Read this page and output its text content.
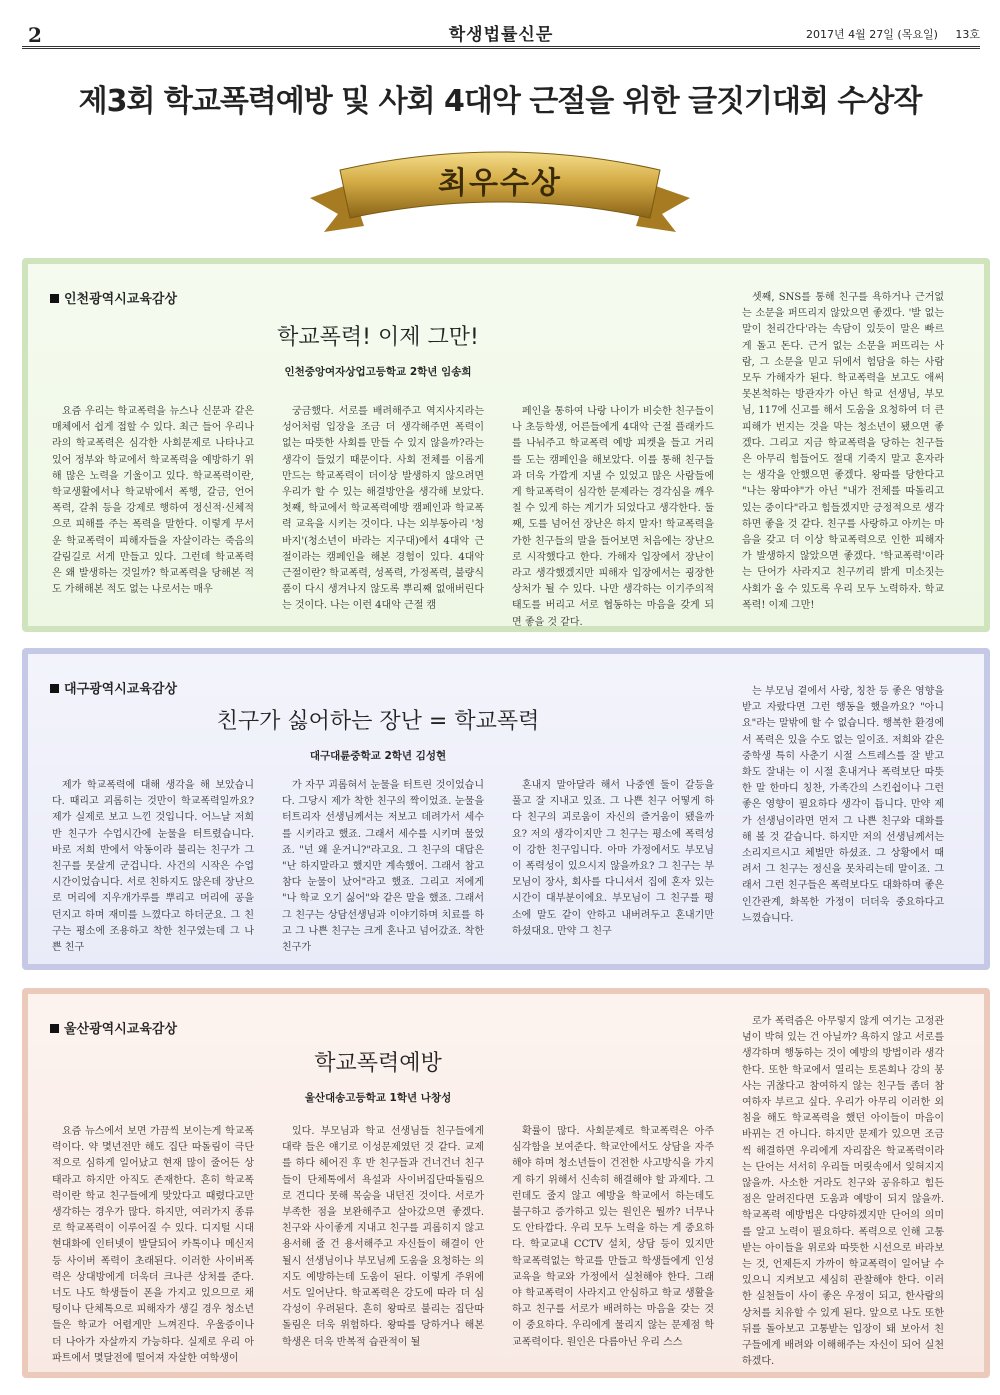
2	학생법률신문	2017년 4월 27일 (목요일) 13호
제3회 학교폭력예방 및 사회 4대악 근절을 위한 글짓기대회 수상작
최우수상
인천광역시교육감상
학교폭력! 이제 그만!
인천중앙여자상업고등학교 2학년 임송희

요즘 우리는 학교폭력을 뉴스나 신문과 같은 매체에서 쉽게 접할 수 있다. 최근 들어 우리나라의 학교폭력은 심각한 사회문제로 나타나고 있어 정부와 학교에서 학교폭력을 예방하기 위해 많은 노력을 기울이고 있다. 학교폭력이란, 학교생활에서나 학교밖에서 폭행, 갈금, 언어폭력, 갈취 등을 강제로 행하여 정신적·신체적으로 피해를 주는 폭력을 말한다. 이렇게 무서운 학교폭력이 피해자들을 자살이라는 죽음의 갈림길로 서게 만들고 있다. 그런데 학교폭력은 왜 발생하는 것일까? 학교폭력을 당해본 적도 가해해본 적도 없는 나로서는 매우

궁금했다. 서로를 배려해주고 역지사지라는 성어처럼 입장을 조금 더 생각해주면 폭력이 없는 따뜻한 사회를 만들 수 있지 않을까?라는 생각이 들었기 때문이다. 사회 전체를 이롭게 만드는 학교폭력이 더이상 발생하지 않으려면 우리가 할 수 있는 해결방안을 생각해 보았다. 첫째, 학교에서 학교폭력예방 캠페인과 학교폭력 교육을 시키는 것이다. 나는 외부동아리 '청바지'(청소년이 바라는 지구대)에서 4대악 근절이라는 캠페인을 해본 경험이 있다. 4대악 근절이란? 학교폭력, 성폭력, 가정폭력, 불량식품이 다시 생겨나지 않도록 뿌리째 없애버린다는 것이다. 나는 이런 4대악 근절 캠

페인을 통하여 나랑 나이가 비슷한 친구들이나 초등학생, 어른들에게 4대악 근절 플래카드를 나눠주고 학교폭력 예방 피켓을 들고 거리를 도는 캠페인을 해보았다. 이를 통해 친구들과 더욱 가깝게 지낼 수 있었고 많은 사람들에게 학교폭력이 심각한 문제라는 경각심을 깨우칠 수 있게 하는 계기가 되었다고 생각한다. 둘째, 도를 넘어선 장난은 하지 말자! 학교폭력을 가한 친구들의 말을 들어보면 처음에는 장난으로 시작했다고 한다. 가해자 입장에서 장난이라고 생각했겠지만 피해자 입장에서는 굉장한 상처가 될 수 있다. 나만 생각하는 이기주의적 태도를 버리고 서로 협동하는 마음을 갖게 되면 좋을 것 같다.

셋째, SNS를 통해 친구를 욕하거나 근거없는 소문을 퍼뜨리지 않았으면 좋겠다. '발 없는 말이 천리간다'라는 속담이 있듯이 말은 빠르게 돌고 돈다. 근거 없는 소문을 퍼뜨리는 사람, 그 소문을 믿고 뒤에서 험담을 하는 사람 모두 가해자가 된다. 학교폭력을 보고도 애써 못본척하는 방관자가 아닌 학교 선생님, 부모님, 117에 신고를 해서 도움을 요청하여 더 큰 피해가 번지는 것을 막는 청소년이 됐으면 좋겠다. 그리고 지금 학교폭력을 당하는 친구들은 아무리 힘들어도 절대 기죽지 말고 혼자라는 생각을 안했으면 좋겠다. 왕따를 당한다고 "나는 왕따야"가 아닌 "내가 전체를 따돌리고 있는 중이다"라고 힘들겠지만 긍정적으로 생각하면 좋을 것 같다. 친구를 사랑하고 아끼는 마음을 갖고 더 이상 학교폭력으로 인한 피해자가 발생하지 않았으면 좋겠다. '학교폭력'이라는 단어가 사라지고 친구끼리 밝게 미소짓는 사회가 올 수 있도록 우리 모두 노력하자. 학교폭력! 이제 그만!

대구광역시교육감상
친구가 싫어하는 장난 = 학교폭력
대구대륜중학교 2학년 김성현

제가 학교폭력에 대해 생각을 해 보았습니다. 때리고 괴롭히는 것만이 학교폭력일까요? 제가 실제로 보고 느낀 것입니다. 어느날 저희반 친구가 수업시간에 눈물을 터트렸습니다. 바로 저희 반에서 악동이라 불리는 친구가 그 친구를 못살게 군겁니다. 사건의 시작은 수업시간이었습니다. 서로 친하지도 않은데 장난으로 머리에 지우개가루를 뿌리고 머리에 공을 던지고 하며 재미를 느꼈다고 하더군요. 그 친구는 평소에 조용하고 착한 친구였는데 그 나쁜 친구

가 자꾸 괴롭혀서 눈물을 터트린 것이었습니다. 그당시 제가 착한 친구의 짝이었죠. 눈물을 터트리자 선생님께서는 저보고 데려가서 세수를 시키라고 했죠. 그래서 세수를 시키며 물었죠. "넌 왜 운거니?"라고요. 그 친구의 대답은 "난 하지말라고 했지만 계속했어. 그래서 참고 참다 눈물이 났어"라고 했죠. 그리고 저에게 "나 학교 오기 싫어"와 같은 말을 했죠. 그래서 그 친구는 상담선생님과 이야기하며 치료를 하고 그 나쁜 친구는 크게 혼나고 넘어갔죠. 착한 친구가

혼내지 말아달라 해서 나중엔 둘이 갈등을 풀고 잘 지내고 있죠. 그 나쁜 친구 어떻게 하다 친구의 괴로움이 자신의 즐거움이 됐을까요? 저의 생각이지만 그 친구는 평소에 폭력성이 강한 친구입니다. 아마 가정에서도 부모님이 폭력성이 있으시지 않을까요? 그 친구는 부모님이 장사, 회사를 다니셔서 집에 혼자 있는 시간이 대부분이에요. 부모님이 그 친구를 평소에 말도 같이 안하고 내버려두고 혼내기만 하셨대요. 만약 그 친구

는 부모님 곁에서 사랑, 칭찬 등 좋은 영향을 받고 자랐다면 그런 행동을 했을까요? "아니요"라는 말밖에 할 수 없습니다. 행복한 환경에서 폭력은 있을 수도 없는 일이죠. 저희와 같은 중학생 특히 사춘기 시절 스트레스를 잘 받고 화도 잘내는 이 시절 혼내거나 폭력보단 따뜻한 말 한마디 칭찬, 가족간의 스킨쉽이나 그런 좋은 영향이 필요하다 생각이 듭니다. 만약 제가 선생님이라면 먼저 그 나쁜 친구와 대화를 해 볼 것 같습니다. 하지만 저의 선생님께서는 소리지르시고 체벌만 하셨죠. 그 상황에서 때려서 그 친구는 정신을 못차리는데 말이죠. 그래서 그런 친구들은 폭력보다도 대화하며 좋은 인간관계, 화목한 가정이 더더욱 중요하다고 느꼈습니다.

울산광역시교육감상
학교폭력예방
울산대송고등학교 1학년 나창성

요즘 뉴스에서 보면 가끔씩 보이는게 학교폭력이다. 약 몇년전만 해도 집단 따돌림이 극단적으로 심하게 일어났고 현재 많이 줄어든 상태라고 하지만 아직도 존재한다. 흔히 학교폭력이란 학교 친구들에게 맞았다고 때렸다고만 생각하는 경우가 많다. 하지만, 여러가지 종류로 학교폭력이 이루어질 수 있다. 디지털 시대 현대화에 인터넷이 발달되어 카톡이나 메신저 등 사이버 폭력이 초래된다. 이러한 사이버폭력은 상대방에게 더욱더 크나큰 상처를 준다. 너도 나도 학생들이 폰을 가지고 있으므로 채팅이나 단체톡으로 피해자가 생길 경우 청소년들은 학교가 어렵게만 느껴진다. 우울증이나 더 나아가 자살까지 가능하다. 실제로 우리 아파트에서 몇달전에 떨어져 자살한 여학생이

있다. 부모님과 학교 선생님들 친구들에게 대략 들은 얘기로 이성문제였던 것 같다. 교제를 하다 헤어진 후 반 친구들과 건너건너 친구들이 단체톡에서 욕설과 사이버집단따돌림으로 견디다 못해 목숨을 내던진 것이다. 서로가 부족한 점을 보완해주고 살아갔으면 좋겠다. 친구와 사이좋게 지내고 친구를 괴롭히지 않고 용서해 줄 건 용서해주고 자신들이 해결이 안될시 선생님이나 부모님께 도움을 요청하는 의지도 예방하는데 도움이 된다. 이렇게 주위에서도 일어난다. 학교폭력은 강도에 따라 더 심각성이 우려된다. 흔히 왕따로 불리는 집단따돌림은 더욱 위험하다. 왕따를 당하거나 해본 학생은 더욱 반복적 습관적이 될

확률이 많다. 사회문제로 학교폭력은 아주 심각함을 보여준다. 학교안에서도 상담을 자주 해야 하며 청소년들이 건전한 사고방식을 가지게 하기 위해서 신속히 해결해야 할 과제다. 그런데도 줄지 않고 예방을 학교에서 하는데도 불구하고 증가하고 있는 원인은 뭘까? 너무나도 안타깝다. 우리 모두 노력을 하는 게 중요하다. 학교교내 CCTV 설치, 상담 등이 있지만 학교폭력없는 학교를 만들고 학생들에게 인성교육을 학교와 가정에서 실천해야 한다. 그래야 학교폭력이 사라지고 안심하고 학교 생활을 하고 친구를 서로가 배려하는 마음을 갖는 것이 중요하다. 우리에게 물리지 않는 문제점 학교폭력이다. 원인은 다름아닌 우리 스스

로가 폭력즘은 아무렇지 않게 여기는 고정관념이 박혀 있는 건 아닐까? 욕하지 않고 서로를 생각하며 행동하는 것이 예방의 방법이라 생각한다. 또한 학교에서 열리는 토론회나 강의 봉사는 귀찮다고 참여하지 않는 친구들 좀더 참여하자 부르고 싶다. 우리가 아무리 이러한 외침을 해도 학교폭력을 했던 아이들이 마음이 바뀌는 건 아니다. 하지만 문제가 있으면 조금씩 해결하면 우리에게 자리잡은 학교폭력이라는 단어는 서서히 우리들 머릿속에서 잊혀지지 않을까. 사소한 거라도 친구와 공유하고 힘든 점은 알려진다면 도움과 예방이 되지 않을까. 학교폭력 예방법은 다양하겠지만 단어의 의미를 알고 노력이 필요하다. 폭력으로 인해 고통받는 아이들을 위로와 따뜻한 시선으로 바라보는 것, 언제든지 가까이 학교폭력이 일어날 수 있으니 지켜보고 세심히 관찰해야 한다. 이러한 실천들이 사이 좋은 우정이 되고, 한사람의 상처를 치유할 수 있게 된다. 앞으로 나도 또한 뒤를 돌아보고 고통받는 입장이 돼 보아서 친구들에게 배려와 이해해주는 자신이 되어 실천하겠다.
